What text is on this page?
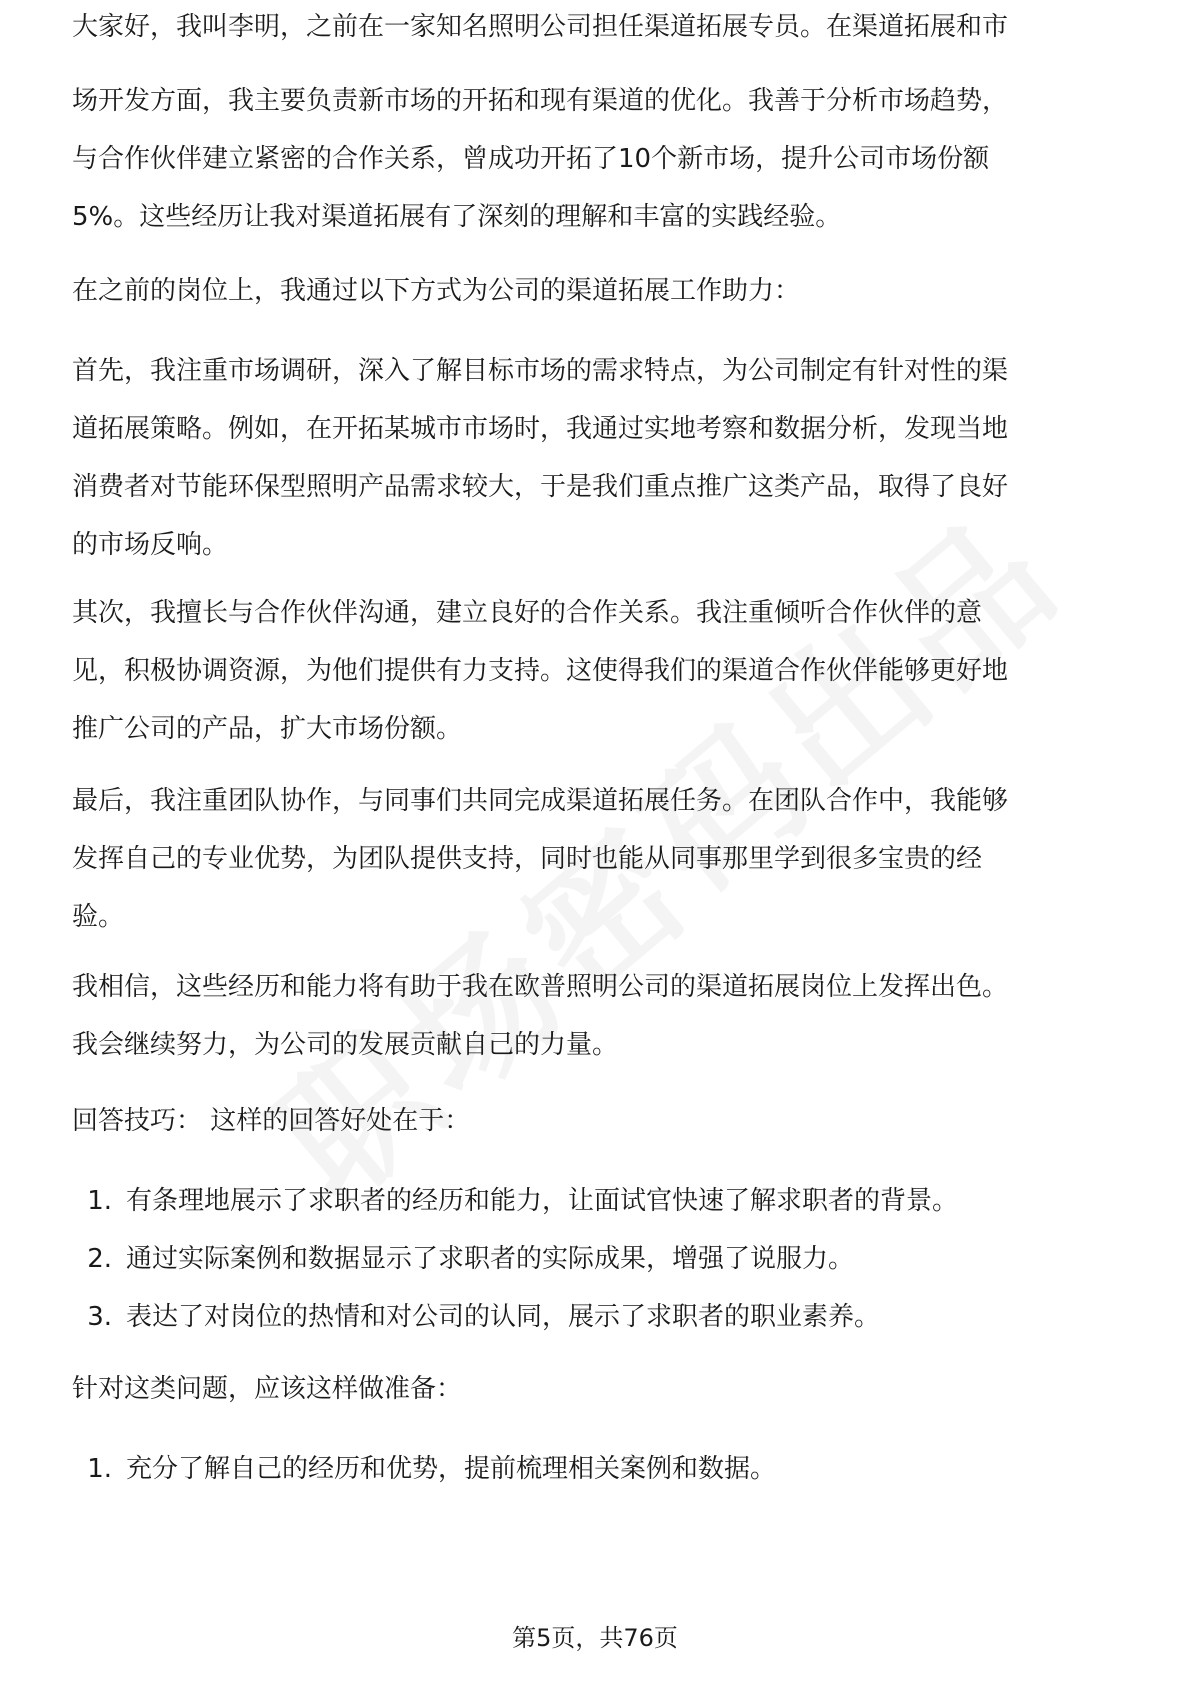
大家好，我叫李明，之前在一家知名照明公司担任渠道拓展专员。在渠道拓展和市

场开发方面，我主要负责新市场的开拓和现有渠道的优化。我善于分析市场趋势，
与合作伙伴建立紧密的合作关系，曾成功开拓了10个新市场，提升公司市场份额
5%。这些经历让我对渠道拓展有了深刻的理解和丰富的实践经验。

在之前的岗位上，我通过以下方式为公司的渠道拓展工作助力：

首先，我注重市场调研，深入了解目标市场的需求特点，为公司制定有针对性的渠
道拓展策略。例如，在开拓某城市市场时，我通过实地考察和数据分析，发现当地
消费者对节能环保型照明产品需求较大，于是我们重点推广这类产品，取得了良好
的市场反响。

其次，我擅长与合作伙伴沟通，建立良好的合作关系。我注重倾听合作伙伴的意
见，积极协调资源，为他们提供有力支持。这使得我们的渠道合作伙伴能够更好地
推广公司的产品，扩大市场份额。

最后，我注重团队协作，与同事们共同完成渠道拓展任务。在团队合作中，我能够
发挥自己的专业优势，为团队提供支持，同时也能从同事那里学到很多宝贵的经
验。

我相信，这些经历和能力将有助于我在欧普照明公司的渠道拓展岗位上发挥出色。
我会继续努力，为公司的发展贡献自己的力量。

回答技巧： 这样的回答好处在于：

1. 有条理地展示了求职者的经历和能力，让面试官快速了解求职者的背景。
2. 通过实际案例和数据显示了求职者的实际成果，增强了说服力。
3. 表达了对岗位的热情和对公司的认同，展示了求职者的职业素养。

针对这类问题，应该这样做准备：

1. 充分了解自己的经历和优势，提前梳理相关案例和数据。
第5页，共76页
